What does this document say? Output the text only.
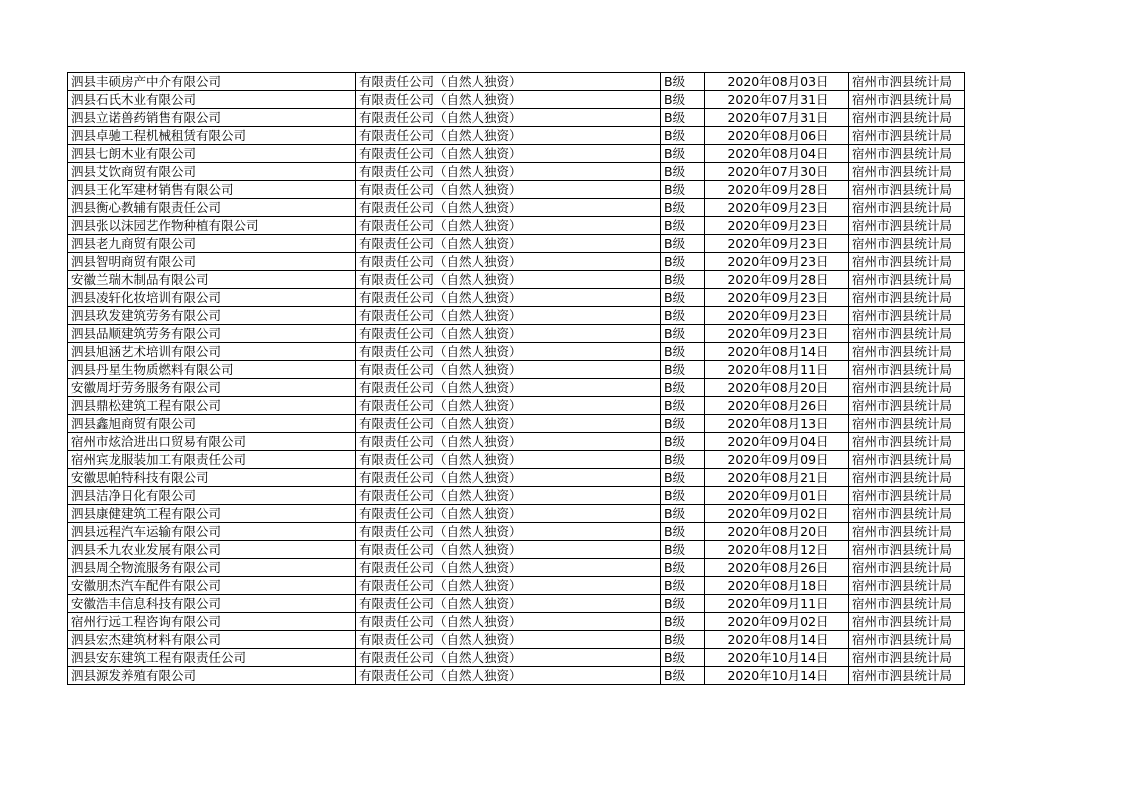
泗县丰硕房产中介有限公司	有限责任公司（自然人独资）	B级	2020年08月03日	宿州市泗县统计局
泗县石氏木业有限公司	有限责任公司（自然人独资）	B级	2020年07月31日	宿州市泗县统计局
泗县立诺兽药销售有限公司	有限责任公司（自然人独资）	B级	2020年07月31日	宿州市泗县统计局
泗县卓驰工程机械租赁有限公司	有限责任公司（自然人独资）	B级	2020年08月06日	宿州市泗县统计局
泗县七朗木业有限公司	有限责任公司（自然人独资）	B级	2020年08月04日	宿州市泗县统计局
泗县艾饮商贸有限公司	有限责任公司（自然人独资）	B级	2020年07月30日	宿州市泗县统计局
泗县王化军建材销售有限公司	有限责任公司（自然人独资）	B级	2020年09月28日	宿州市泗县统计局
泗县衡心教辅有限责任公司	有限责任公司（自然人独资）	B级	2020年09月23日	宿州市泗县统计局
泗县张以沫园艺作物种植有限公司	有限责任公司（自然人独资）	B级	2020年09月23日	宿州市泗县统计局
泗县老九商贸有限公司	有限责任公司（自然人独资）	B级	2020年09月23日	宿州市泗县统计局
泗县智明商贸有限公司	有限责任公司（自然人独资）	B级	2020年09月23日	宿州市泗县统计局
安徽兰瑞木制品有限公司	有限责任公司（自然人独资）	B级	2020年09月28日	宿州市泗县统计局
泗县凌轩化妆培训有限公司	有限责任公司（自然人独资）	B级	2020年09月23日	宿州市泗县统计局
泗县玖发建筑劳务有限公司	有限责任公司（自然人独资）	B级	2020年09月23日	宿州市泗县统计局
泗县品顺建筑劳务有限公司	有限责任公司（自然人独资）	B级	2020年09月23日	宿州市泗县统计局
泗县旭涵艺术培训有限公司	有限责任公司（自然人独资）	B级	2020年08月14日	宿州市泗县统计局
泗县丹星生物质燃料有限公司	有限责任公司（自然人独资）	B级	2020年08月11日	宿州市泗县统计局
安徽周圩劳务服务有限公司	有限责任公司（自然人独资）	B级	2020年08月20日	宿州市泗县统计局
泗县鼎松建筑工程有限公司	有限责任公司（自然人独资）	B级	2020年08月26日	宿州市泗县统计局
泗县鑫旭商贸有限公司	有限责任公司（自然人独资）	B级	2020年08月13日	宿州市泗县统计局
宿州市炫洽进出口贸易有限公司	有限责任公司（自然人独资）	B级	2020年09月04日	宿州市泗县统计局
宿州宾龙服装加工有限责任公司	有限责任公司（自然人独资）	B级	2020年09月09日	宿州市泗县统计局
安徽思帕特科技有限公司	有限责任公司（自然人独资）	B级	2020年08月21日	宿州市泗县统计局
泗县洁净日化有限公司	有限责任公司（自然人独资）	B级	2020年09月01日	宿州市泗县统计局
泗县康健建筑工程有限公司	有限责任公司（自然人独资）	B级	2020年09月02日	宿州市泗县统计局
泗县远程汽车运输有限公司	有限责任公司（自然人独资）	B级	2020年08月20日	宿州市泗县统计局
泗县禾九农业发展有限公司	有限责任公司（自然人独资）	B级	2020年08月12日	宿州市泗县统计局
泗县周仝物流服务有限公司	有限责任公司（自然人独资）	B级	2020年08月26日	宿州市泗县统计局
安徽朋杰汽车配件有限公司	有限责任公司（自然人独资）	B级	2020年08月18日	宿州市泗县统计局
安徽浩丰信息科技有限公司	有限责任公司（自然人独资）	B级	2020年09月11日	宿州市泗县统计局
宿州行远工程咨询有限公司	有限责任公司（自然人独资）	B级	2020年09月02日	宿州市泗县统计局
泗县宏杰建筑材料有限公司	有限责任公司（自然人独资）	B级	2020年08月14日	宿州市泗县统计局
泗县安东建筑工程有限责任公司	有限责任公司（自然人独资）	B级	2020年10月14日	宿州市泗县统计局
泗县源发养殖有限公司	有限责任公司（自然人独资）	B级	2020年10月14日	宿州市泗县统计局
